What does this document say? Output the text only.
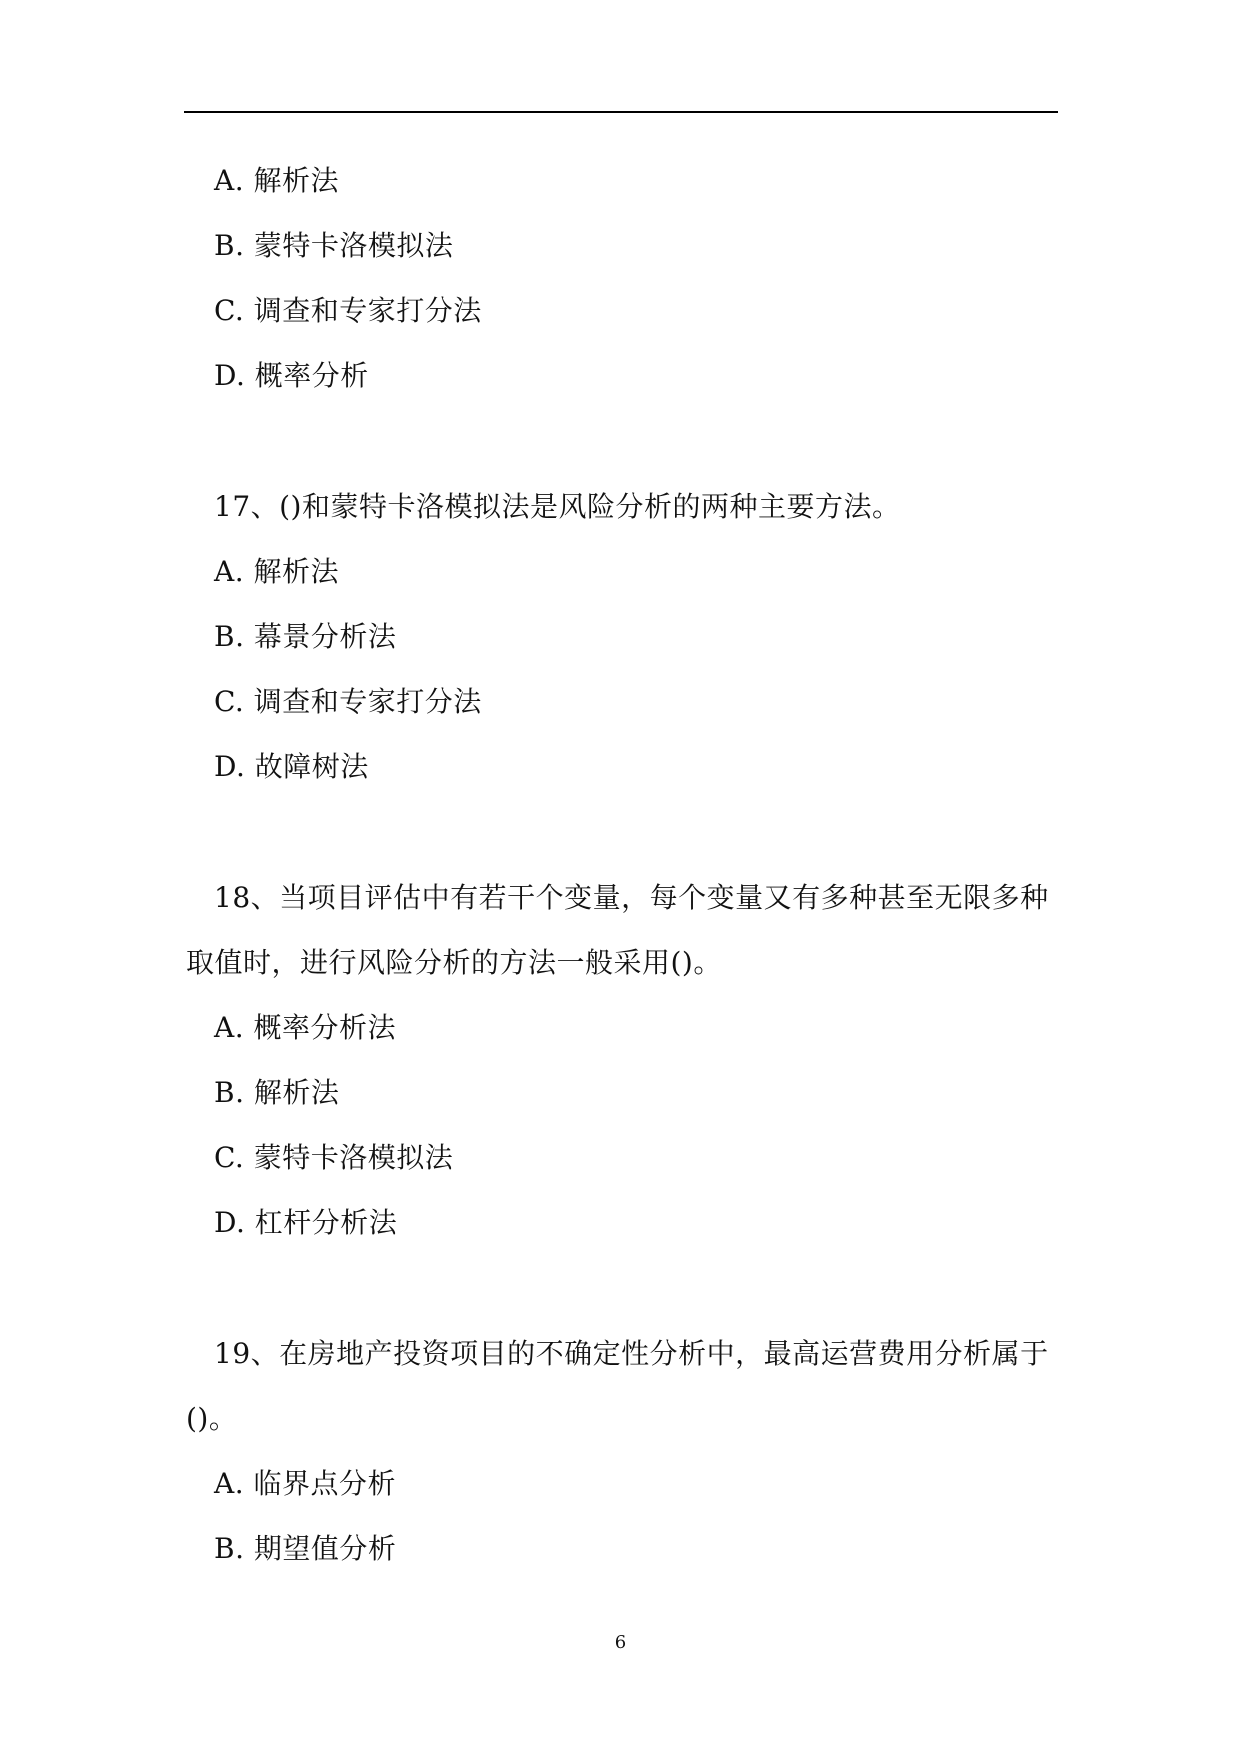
A. 解析法
B. 蒙特卡洛模拟法
C. 调查和专家打分法
D. 概率分析
17、()和蒙特卡洛模拟法是风险分析的两种主要方法。
A. 解析法
B. 幕景分析法
C. 调查和专家打分法
D. 故障树法
18、当项目评估中有若干个变量，每个变量又有多种甚至无限多种
取值时，进行风险分析的方法一般采用()。
A. 概率分析法
B. 解析法
C. 蒙特卡洛模拟法
D. 杠杆分析法
19、在房地产投资项目的不确定性分析中，最高运营费用分析属于
()。
A. 临界点分析
B. 期望值分析
6
